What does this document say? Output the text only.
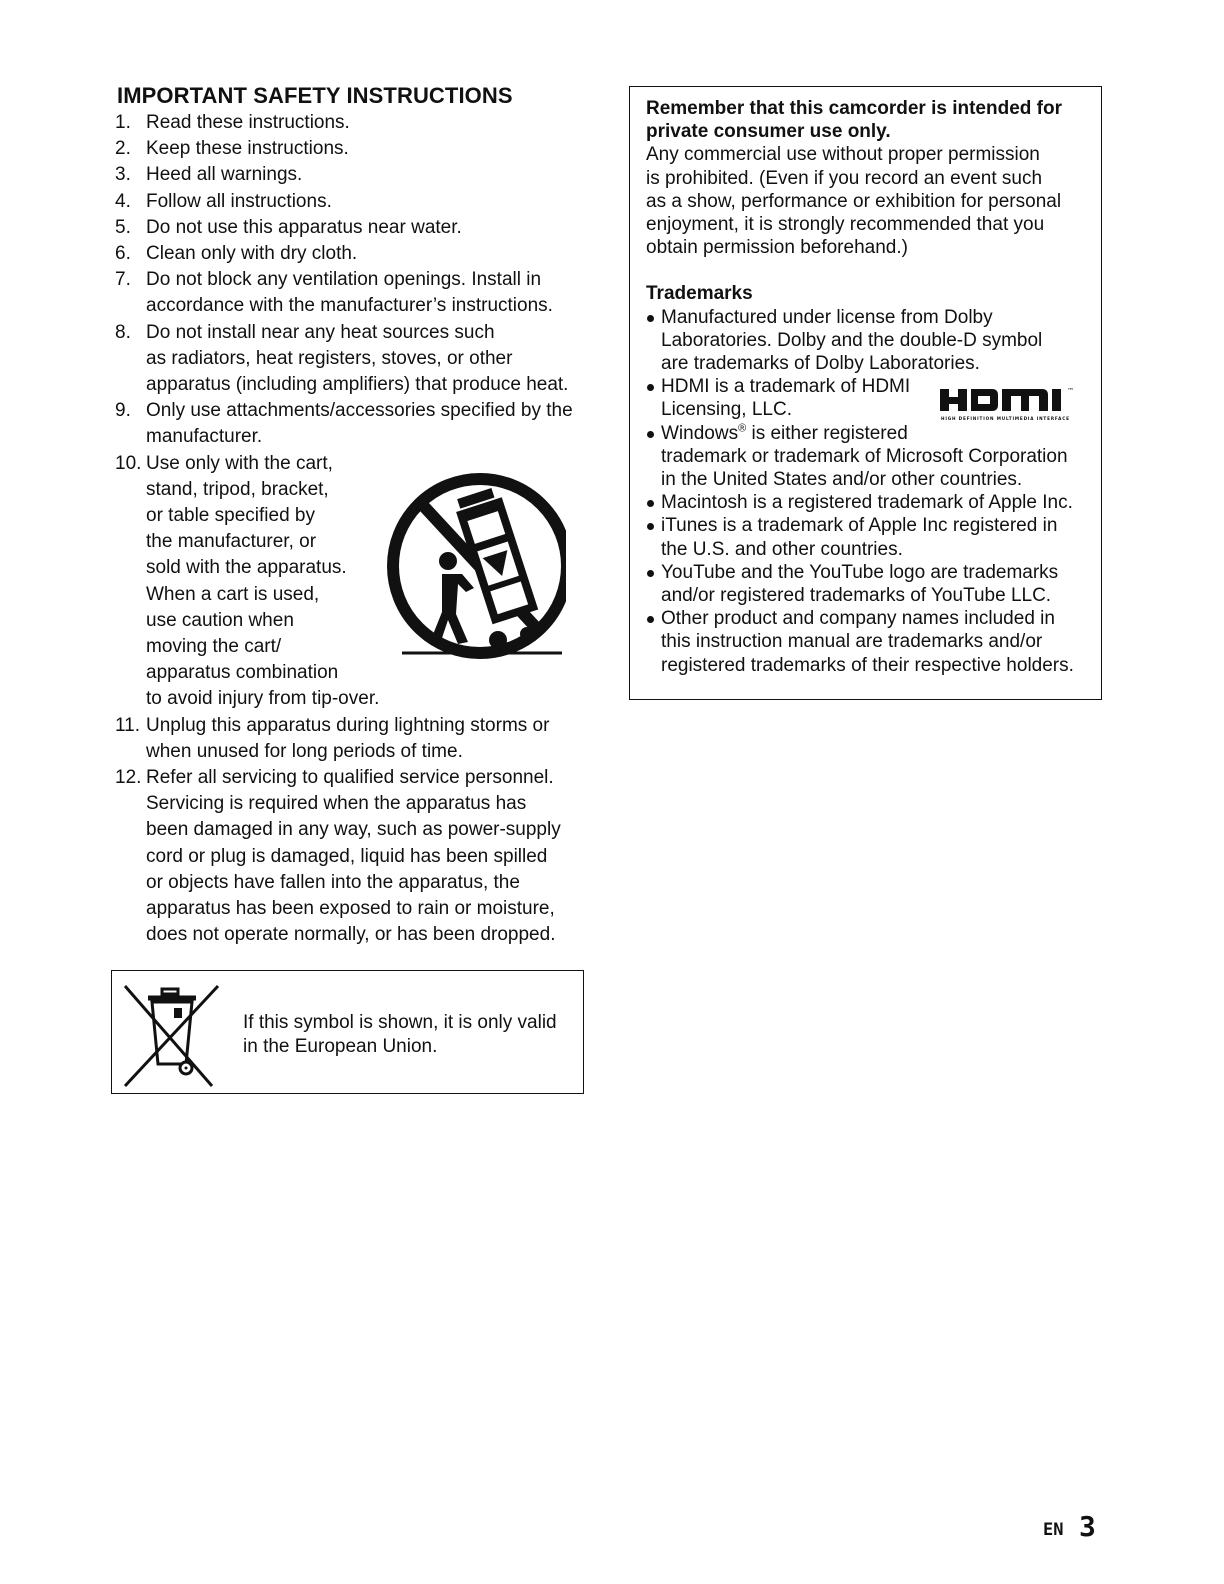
IMPORTANT SAFETY INSTRUCTIONS
1. Read these instructions.
2. Keep these instructions.
3. Heed all warnings.
4. Follow all instructions.
5. Do not use this apparatus near water.
6. Clean only with dry cloth.
7. Do not block any ventilation openings. Install in
accordance with the manufacturer’s instructions.
8. Do not install near any heat sources such
as radiators, heat registers, stoves, or other
apparatus (including amplifiers) that produce heat.
9. Only use attachments/accessories specified by the
manufacturer.
10. Use only with the cart,
stand, tripod, bracket,
or table specified by
the manufacturer, or
sold with the apparatus.
When a cart is used,
use caution when
moving the cart/
apparatus combination
to avoid injury from tip-over.
11. Unplug this apparatus during lightning storms or
when unused for long periods of time.
12. Refer all servicing to qualified service personnel.
Servicing is required when the apparatus has
been damaged in any way, such as power-supply
cord or plug is damaged, liquid has been spilled
or objects have fallen into the apparatus, the
apparatus has been exposed to rain or moisture,
does not operate normally, or has been dropped.
If this symbol is shown, it is only valid
in the European Union.
Remember that this camcorder is intended for
private consumer use only.
Any commercial use without proper permission
is prohibited. (Even if you record an event such
as a show, performance or exhibition for personal
enjoyment, it is strongly recommended that you
obtain permission beforehand.)
Trademarks
Manufactured under license from Dolby
Laboratories. Dolby and the double-D symbol
are trademarks of Dolby Laboratories.
HDMI is a trademark of HDMI
Licensing, LLC.
Windows® is either registered
trademark or trademark of Microsoft Corporation
in the United States and/or other countries.
Macintosh is a registered trademark of Apple Inc.
iTunes is a trademark of Apple Inc registered in
the U.S. and other countries.
YouTube and the YouTube logo are trademarks
and/or registered trademarks of YouTube LLC.
Other product and company names included in
this instruction manual are trademarks and/or
registered trademarks of their respective holders.
™
HIGH DEFINITION MULTIMEDIA INTERFACE
EN 3
